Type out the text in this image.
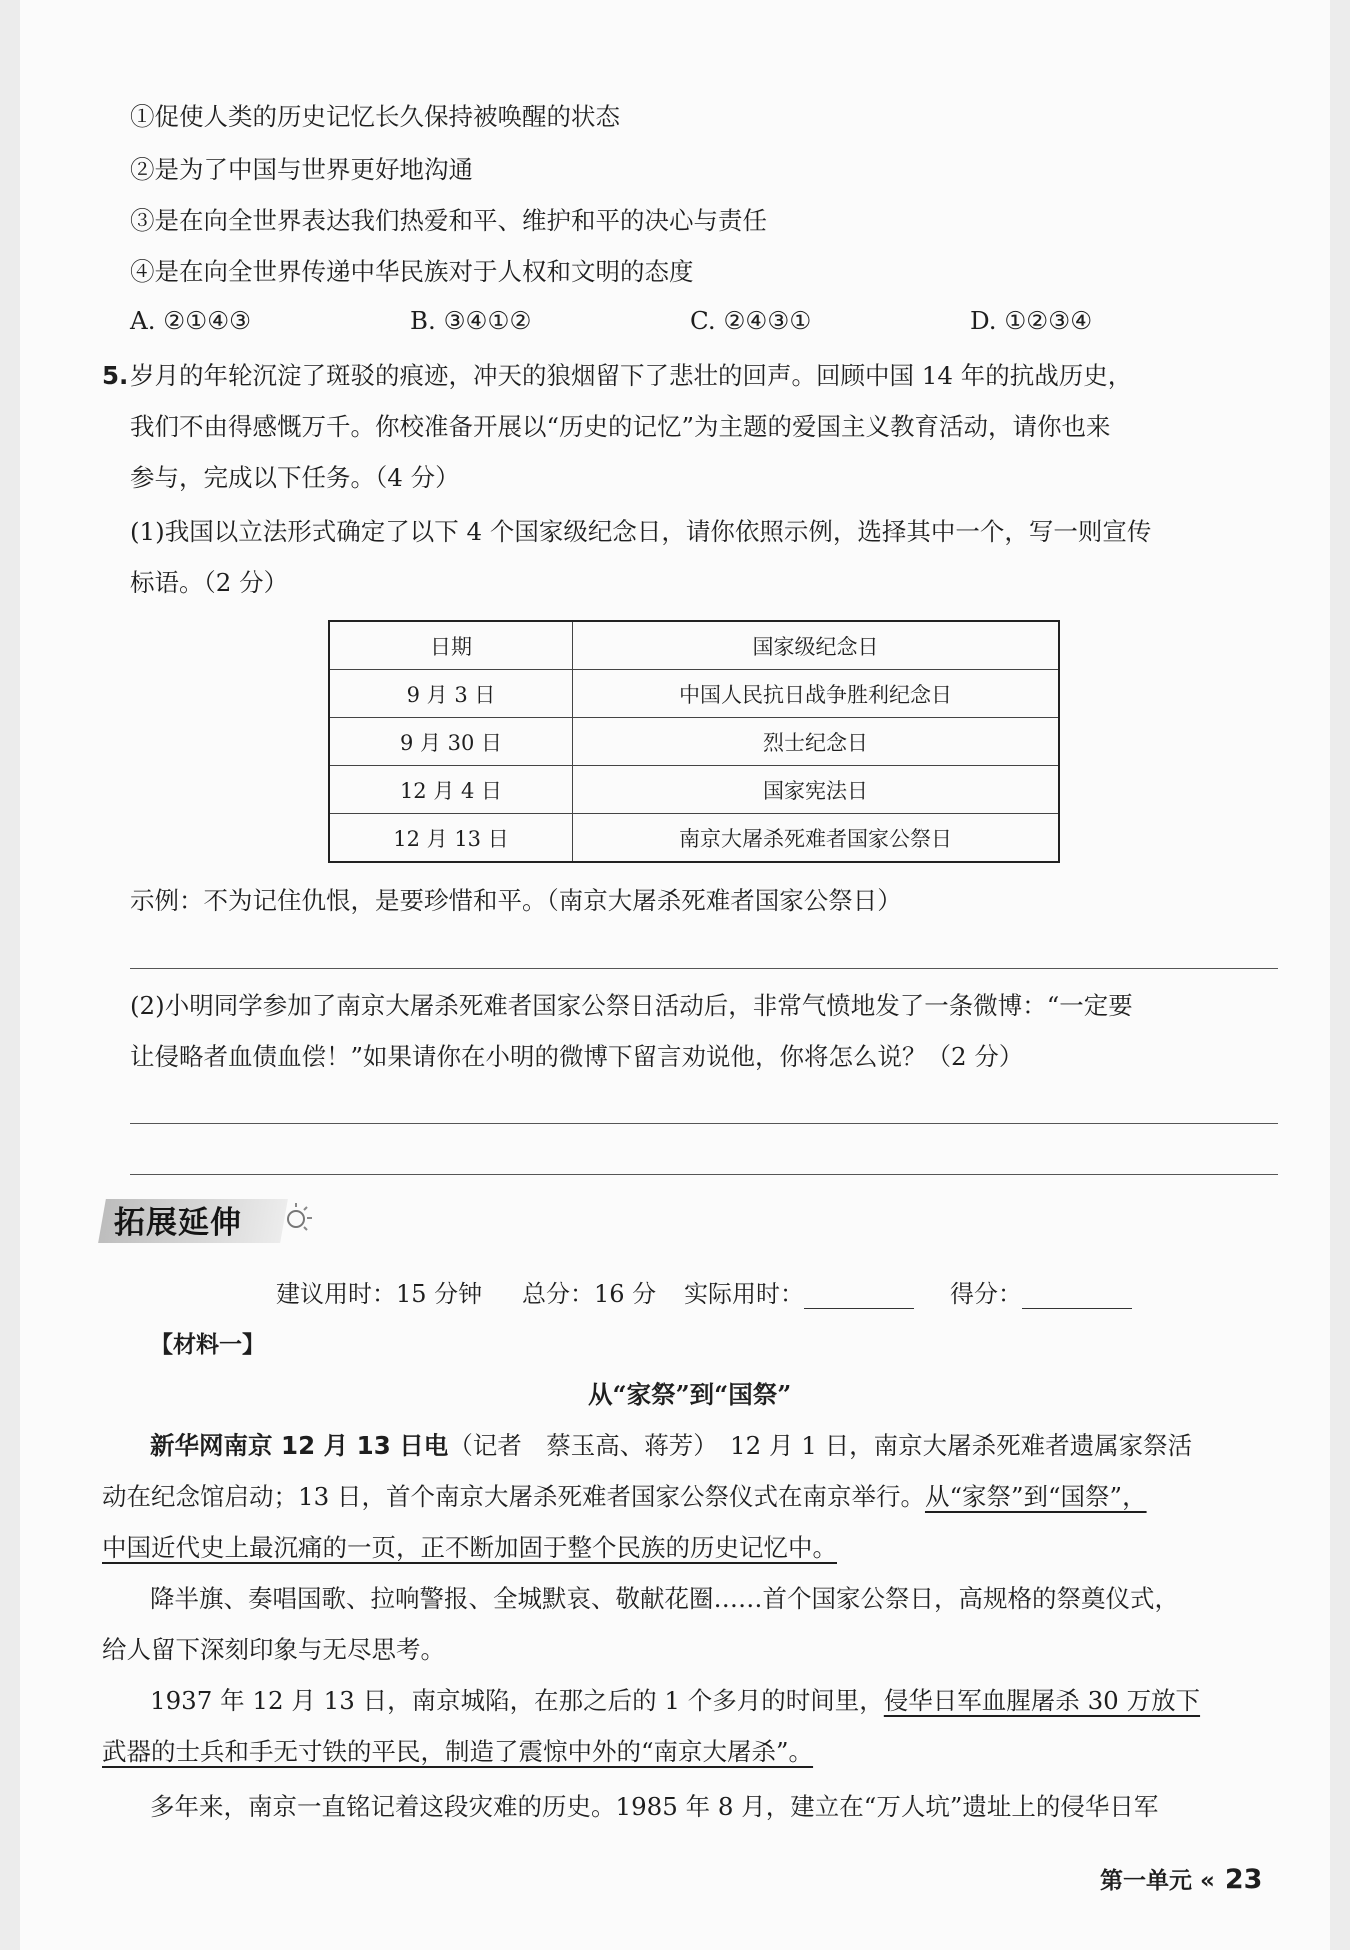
①促使人类的历史记忆长久保持被唤醒的状态
②是为了中国与世界更好地沟通
③是在向全世界表达我们热爱和平、维护和平的决心与责任
④是在向全世界传递中华民族对于人权和文明的态度
A. ②①④③	B. ③④①②	C. ②④③①	D. ①②③④
5. 岁月的年轮沉淀了斑驳的痕迹，冲天的狼烟留下了悲壮的回声。回顾中国 14 年的抗战历史，
我们不由得感慨万千。你校准备开展以“历史的记忆”为主题的爱国主义教育活动，请你也来
参与，完成以下任务。（4 分）
(1)我国以立法形式确定了以下 4 个国家级纪念日，请你依照示例，选择其中一个，写一则宣传
标语。（2 分）
日期	国家级纪念日
9 月 3 日	中国人民抗日战争胜利纪念日
9 月 30 日	烈士纪念日
12 月 4 日	国家宪法日
12 月 13 日	南京大屠杀死难者国家公祭日
示例：不为记住仇恨，是要珍惜和平。（南京大屠杀死难者国家公祭日）
(2)小明同学参加了南京大屠杀死难者国家公祭日活动后，非常气愤地发了一条微博：“一定要
让侵略者血债血偿！”如果请你在小明的微博下留言劝说他，你将怎么说？（2 分）
拓展延伸
建议用时：15 分钟 总分：16 分 实际用时：	得分：
【材料一】
从“家祭”到“国祭”
新华网南京 12 月 13 日电（记者　蔡玉高、蒋芳）　12 月 1 日，南京大屠杀死难者遗属家祭活
动在纪念馆启动；13 日，首个南京大屠杀死难者国家公祭仪式在南京举行。从“家祭”到“国祭”，
中国近代史上最沉痛的一页，正不断加固于整个民族的历史记忆中。
降半旗、奏唱国歌、拉响警报、全城默哀、敬献花圈……首个国家公祭日，高规格的祭奠仪式，
给人留下深刻印象与无尽思考。
1937 年 12 月 13 日，南京城陷，在那之后的 1 个多月的时间里，侵华日军血腥屠杀 30 万放下
武器的士兵和手无寸铁的平民，制造了震惊中外的“南京大屠杀”。
多年来，南京一直铭记着这段灾难的历史。1985 年 8 月，建立在“万人坑”遗址上的侵华日军
第一单元 « 23
